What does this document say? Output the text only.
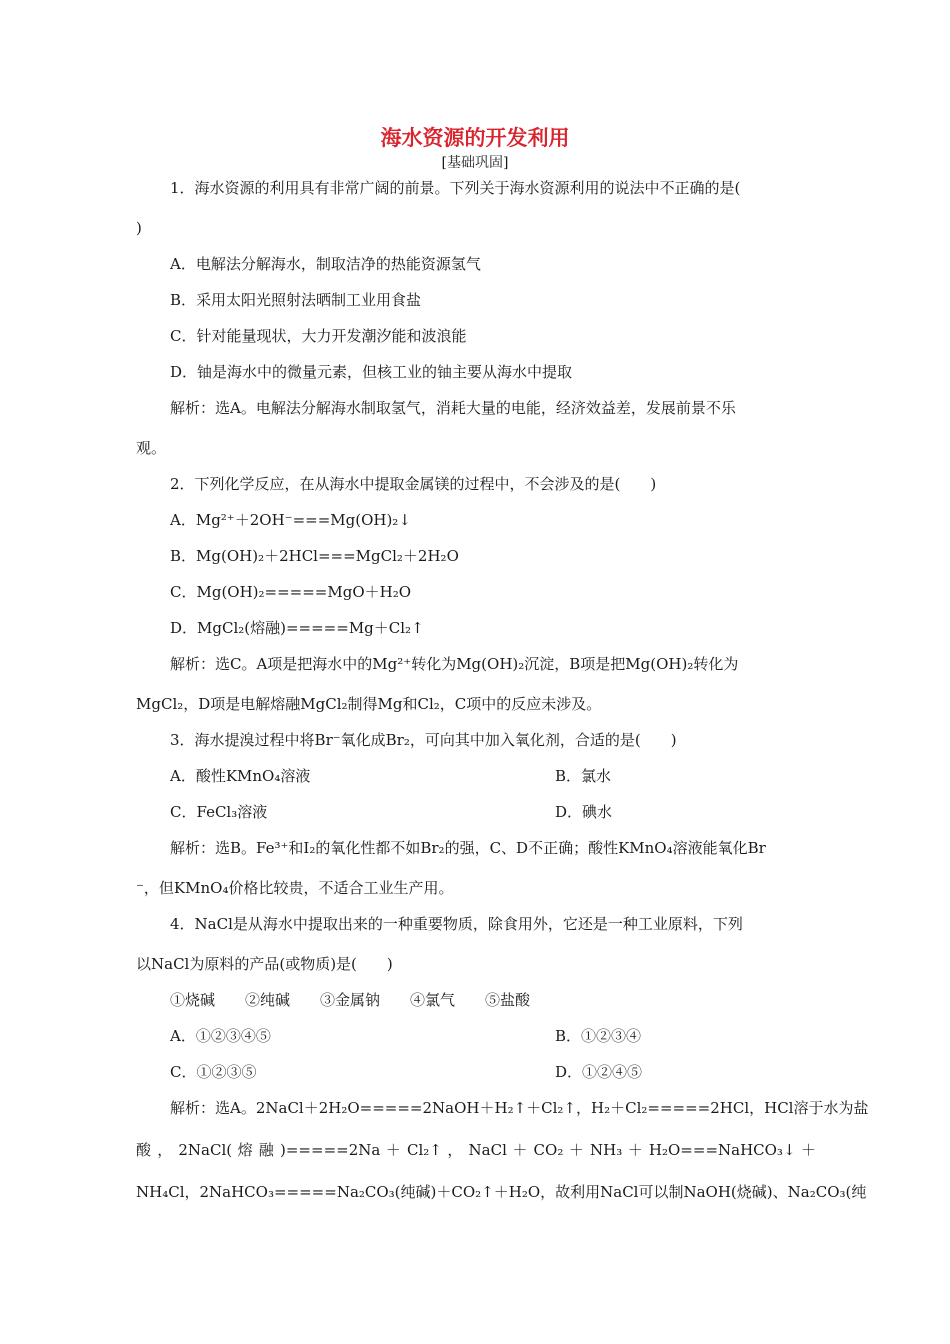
海水资源的开发利用
[基础巩固]
1．海水资源的利用具有非常广阔的前景。下列关于海水资源利用的说法中不正确的是(
)
A．电解法分解海水，制取洁净的热能资源氢气
B．采用太阳光照射法晒制工业用食盐
C．针对能量现状，大力开发潮汐能和波浪能
D．铀是海水中的微量元素，但核工业的铀主要从海水中提取
解析：选A。电解法分解海水制取氢气，消耗大量的电能，经济效益差，发展前景不乐
观。
2．下列化学反应，在从海水中提取金属镁的过程中，不会涉及的是(　　)
A．Mg²⁺＋2OH⁻===Mg(OH)₂↓
B．Mg(OH)₂＋2HCl===MgCl₂＋2H₂O
C．Mg(OH)₂=====MgO＋H₂O
D．MgCl₂(熔融)=====Mg＋Cl₂↑
解析：选C。A项是把海水中的Mg²⁺转化为Mg(OH)₂沉淀，B项是把Mg(OH)₂转化为
MgCl₂，D项是电解熔融MgCl₂制得Mg和Cl₂，C项中的反应未涉及。
3．海水提溴过程中将Br⁻氧化成Br₂，可向其中加入氧化剂，合适的是(　　)
A．酸性KMnO₄溶液	B．氯水
C．FeCl₃溶液	D．碘水
解析：选B。Fe³⁺和I₂的氧化性都不如Br₂的强，C、D不正确；酸性KMnO₄溶液能氧化Br
⁻，但KMnO₄价格比较贵，不适合工业生产用。
4．NaCl是从海水中提取出来的一种重要物质，除食用外，它还是一种工业原料，下列
以NaCl为原料的产品(或物质)是(　　)
①烧碱　　②纯碱　　③金属钠　　④氯气　　⑤盐酸
A．①②③④⑤	B．①②③④
C．①②③⑤	D．①②④⑤
解析：选A。2NaCl＋2H₂O=====2NaOH＋H₂↑＋Cl₂↑，H₂＋Cl₂=====2HCl，HCl溶于水为盐
酸 ， 2NaCl( 熔 融 )=====2Na ＋ Cl₂↑ ， NaCl ＋ CO₂ ＋ NH₃ ＋ H₂O===NaHCO₃↓ ＋
NH₄Cl，2NaHCO₃=====Na₂CO₃(纯碱)＋CO₂↑＋H₂O，故利用NaCl可以制NaOH(烧碱)、Na₂CO₃(纯
